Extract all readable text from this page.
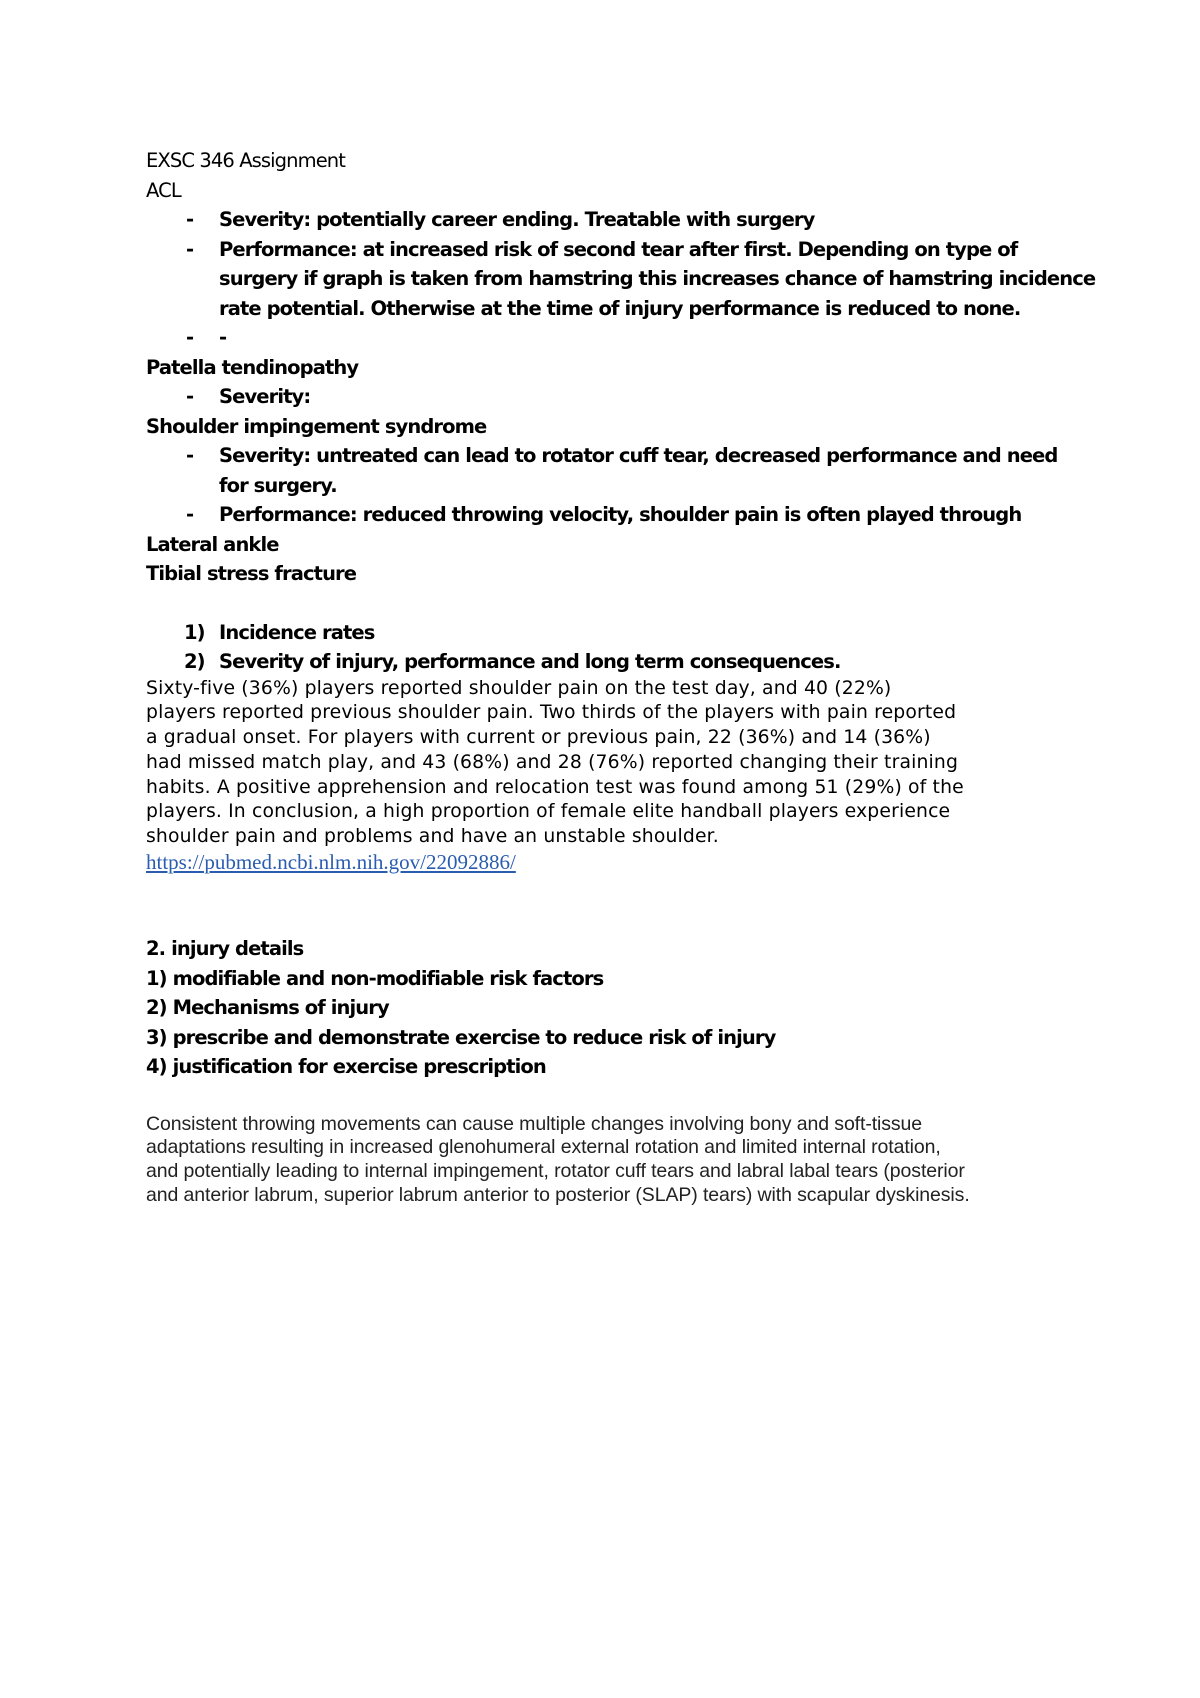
EXSC 346 Assignment

ACL

- Severity: potentially career ending. Treatable with surgery
- Performance: at increased risk of second tear after first. Depending on type of
surgery if graph is taken from hamstring this increases chance of hamstring incidence
rate potential. Otherwise at the time of injury performance is reduced to none.
- -

Patella tendinopathy

- Severity:

Shoulder impingement syndrome

- Severity: untreated can lead to rotator cuff tear, decreased performance and need
for surgery.
- Performance: reduced throwing velocity, shoulder pain is often played through

Lateral ankle

Tibial stress fracture

1) Incidence rates
2) Severity of injury, performance and long term consequences.
Sixty-five (36%) players reported shoulder pain on the test day, and 40 (22%)
players reported previous shoulder pain. Two thirds of the players with pain reported
a gradual onset. For players with current or previous pain, 22 (36%) and 14 (36%)
had missed match play, and 43 (68%) and 28 (76%) reported changing their training
habits. A positive apprehension and relocation test was found among 51 (29%) of the
players. In conclusion, a high proportion of female elite handball players experience
shoulder pain and problems and have an unstable shoulder.
https://pubmed.ncbi.nlm.nih.gov/22092886/

2. injury details

1) modifiable and non-modifiable risk factors

2) Mechanisms of injury

3) prescribe and demonstrate exercise to reduce risk of injury

4) justification for exercise prescription

Consistent throwing movements can cause multiple changes involving bony and soft-tissue
adaptations resulting in increased glenohumeral external rotation and limited internal rotation,
and potentially leading to internal impingement, rotator cuff tears and labral labal tears (posterior
and anterior labrum, superior labrum anterior to posterior (SLAP) tears) with scapular dyskinesis.
